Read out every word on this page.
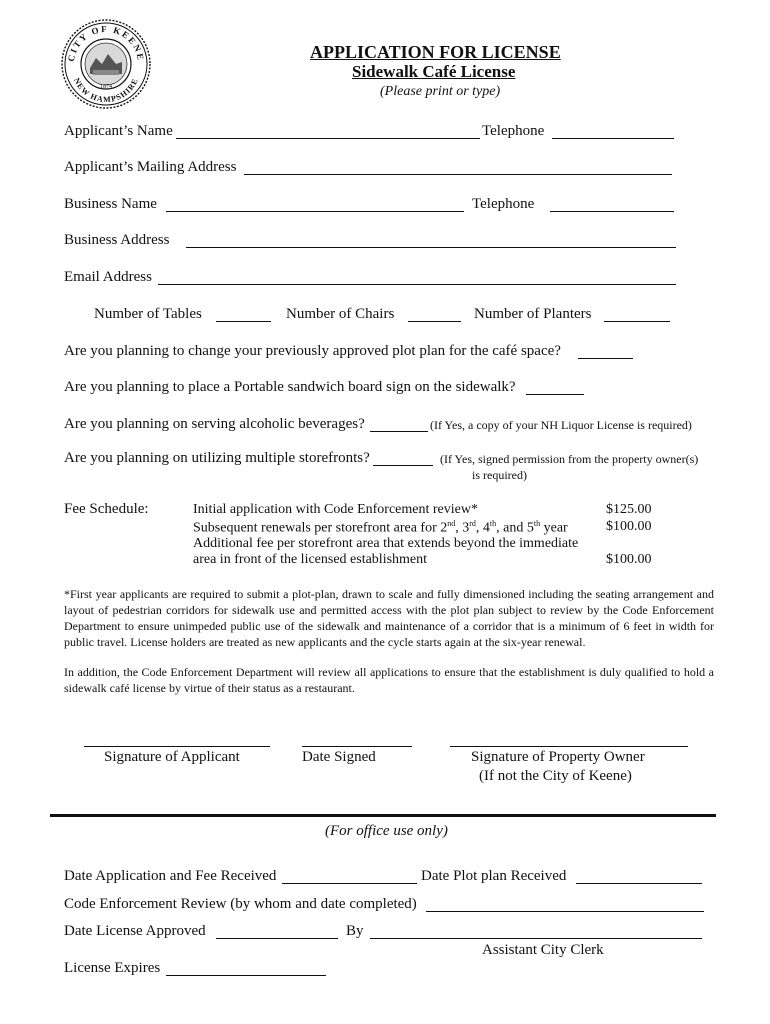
CITY OF KEENE
NEW HAMPSHIRE
1874
APPLICATION FOR LICENSE
Sidewalk Café License
(Please print or type)
Applicant’s Name	Telephone
Applicant’s Mailing Address
Business Name	Telephone
Business Address
Email Address
Number of Tables	Number of Chairs	Number of Planters
Are you planning to change your previously approved plot plan for the café space?
Are you planning to place a Portable sandwich board sign on the sidewalk?
Are you planning on serving alcoholic beverages?	(If Yes, a copy of your NH Liquor License is required)
Are you planning on utilizing multiple storefronts?	(If Yes, signed permission from the property owner(s)
is required)
Fee Schedule:	Initial application with Code Enforcement review*	$125.00
Subsequent renewals per storefront area for 2nd, 3rd, 4th, and 5th year	$100.00
Additional fee per storefront area that extends beyond the immediate
area in front of the licensed establishment	$100.00
*First year applicants are required to submit a plot-plan, drawn to scale and fully dimensioned including the seating arrangement and layout of pedestrian corridors for sidewalk use and permitted access with the plot plan subject to review by the Code Enforcement Department to ensure unimpeded public use of the sidewalk and maintenance of a corridor that is a minimum of 6 feet in width for public travel. License holders are treated as new applicants and the cycle starts again at the six-year renewal.
In addition, the Code Enforcement Department will review all applications to ensure that the establishment is duly qualified to hold a sidewalk café license by virtue of their status as a restaurant.
Signature of Applicant	Date Signed	Signature of Property Owner
(If not the City of Keene)
(For office use only)
Date Application and Fee Received	Date Plot plan Received
Code Enforcement Review (by whom and date completed)
Date License Approved	By
Assistant City Clerk
License Expires
